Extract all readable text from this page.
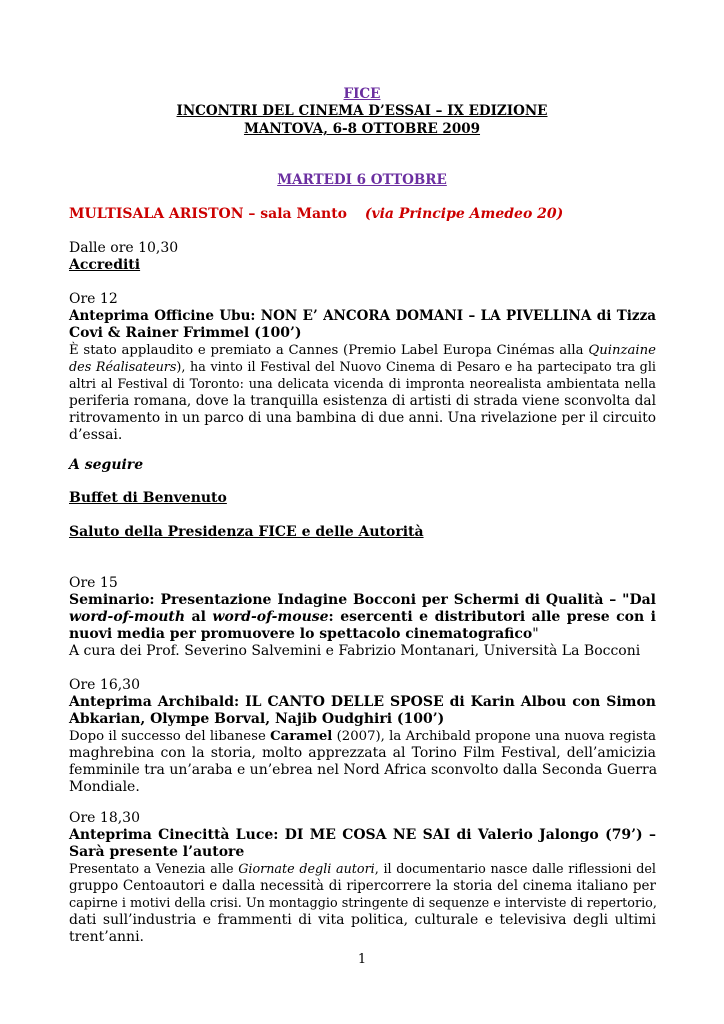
FICE
INCONTRI DEL CINEMA D’ESSAI – IX EDIZIONE
MANTOVA, 6-8 OTTOBRE 2009
MARTEDI 6 OTTOBRE
MULTISALA ARISTON – sala Manto (via Principe Amedeo 20)
Dalle ore 10,30
Accrediti
Ore 12
Anteprima Officine Ubu: NON E’ ANCORA DOMANI – LA PIVELLINA di Tizza
Covi & Rainer Frimmel (100’)
È stato applaudito e premiato a Cannes (Premio Label Europa Cinémas alla Quinzaine
des Réalisateurs), ha vinto il Festival del Nuovo Cinema di Pesaro e ha partecipato tra gli
altri al Festival di Toronto: una delicata vicenda di impronta neorealista ambientata nella
periferia romana, dove la tranquilla esistenza di artisti di strada viene sconvolta dal
ritrovamento in un parco di una bambina di due anni. Una rivelazione per il circuito
d’essai.
A seguire
Buffet di Benvenuto
Saluto della Presidenza FICE e delle Autorità
Ore 15
Seminario: Presentazione Indagine Bocconi per Schermi di Qualità – "Dal
word-of-mouth al word-of-mouse: esercenti e distributori alle prese con i
nuovi media per promuovere lo spettacolo cinematografico"
A cura dei Prof. Severino Salvemini e Fabrizio Montanari, Università La Bocconi
Ore 16,30
Anteprima Archibald: IL CANTO DELLE SPOSE di Karin Albou con Simon
Abkarian, Olympe Borval, Najib Oudghiri (100’)
Dopo il successo del libanese Caramel (2007), la Archibald propone una nuova regista
maghrebina con la storia, molto apprezzata al Torino Film Festival, dell’amicizia
femminile tra un’araba e un’ebrea nel Nord Africa sconvolto dalla Seconda Guerra
Mondiale.
Ore 18,30
Anteprima Cinecittà Luce: DI ME COSA NE SAI di Valerio Jalongo (79’) –
Sarà presente l’autore
Presentato a Venezia alle Giornate degli autori, il documentario nasce dalle riflessioni del
gruppo Centoautori e dalla necessità di ripercorrere la storia del cinema italiano per
capirne i motivi della crisi. Un montaggio stringente di sequenze e interviste di repertorio,
dati sull’industria e frammenti di vita politica, culturale e televisiva degli ultimi
trent’anni.
1
